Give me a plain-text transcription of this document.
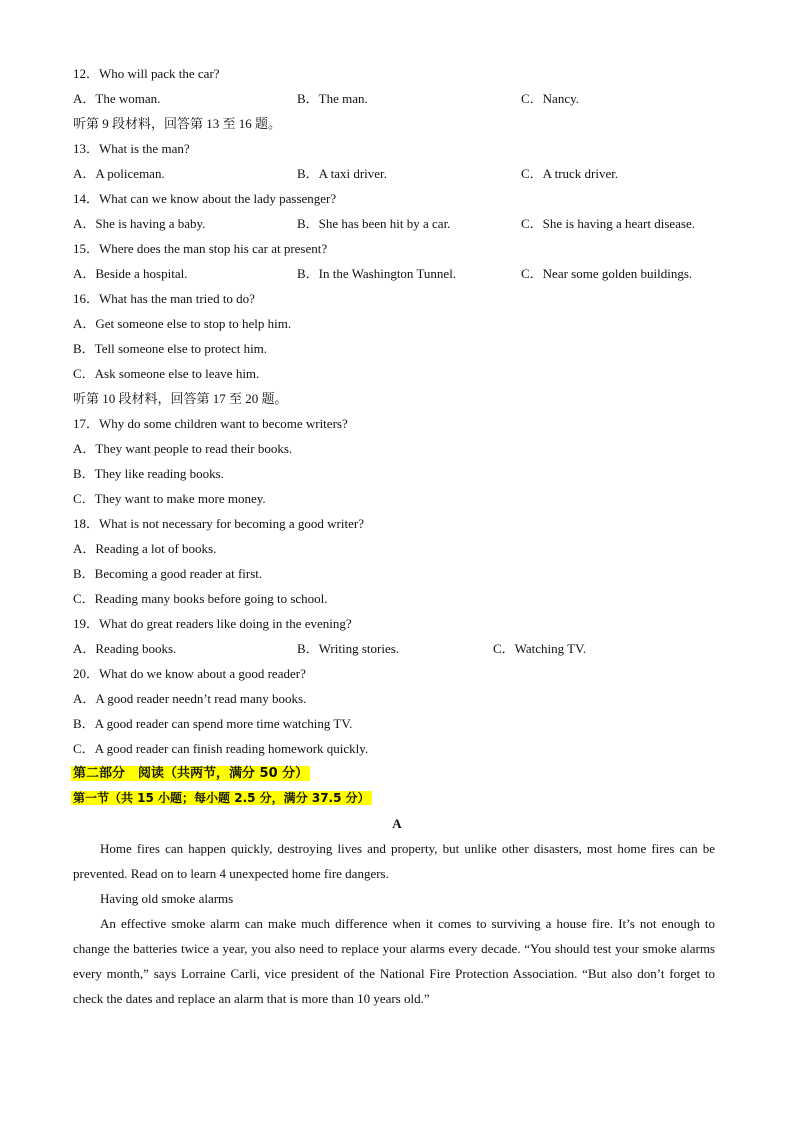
12．Who will pack the car?
A．The woman.	B．The man.	C．Nancy.
听第 9 段材料，回答第 13 至 16 题。
13．What is the man?
A．A policeman.	B．A taxi driver.	C．A truck driver.
14．What can we know about the lady passenger?
A．She is having a baby.	B．She has been hit by a car.	C．She is having a heart disease.
15．Where does the man stop his car at present?
A．Beside a hospital.	B．In the Washington Tunnel.	C．Near some golden buildings.
16．What has the man tried to do?
A．Get someone else to stop to help him.
B．Tell someone else to protect him.
C．Ask someone else to leave him.
听第 10 段材料，回答第 17 至 20 题。
17．Why do some children want to become writers?
A．They want people to read their books.
B．They like reading books.
C．They want to make more money.
18．What is not necessary for becoming a good writer?
A．Reading a lot of books.
B．Becoming a good reader at first.
C．Reading many books before going to school.
19．What do great readers like doing in the evening?
A．Reading books.	B．Writing stories.	C．Watching TV.
20．What do we know about a good reader?
A．A good reader needn’t read many books.
B．A good reader can spend more time watching TV.
C．A good reader can finish reading homework quickly.
第二部分　阅读（共两节，满分 50 分）
第一节（共 15 小题；每小题 2.5 分，满分 37.5 分）
A
Home fires can happen quickly, destroying lives and property, but unlike other disasters, most home fires can be prevented. Read on to learn 4 unexpected home fire dangers.
Having old smoke alarms
An effective smoke alarm can make much difference when it comes to surviving a house fire. It’s not enough to change the batteries twice a year, you also need to replace your alarms every decade. “You should test your smoke alarms every month,” says Lorraine Carli, vice president of the National Fire Protection Association. “But also don’t forget to check the dates and replace an alarm that is more than 10 years old.”
